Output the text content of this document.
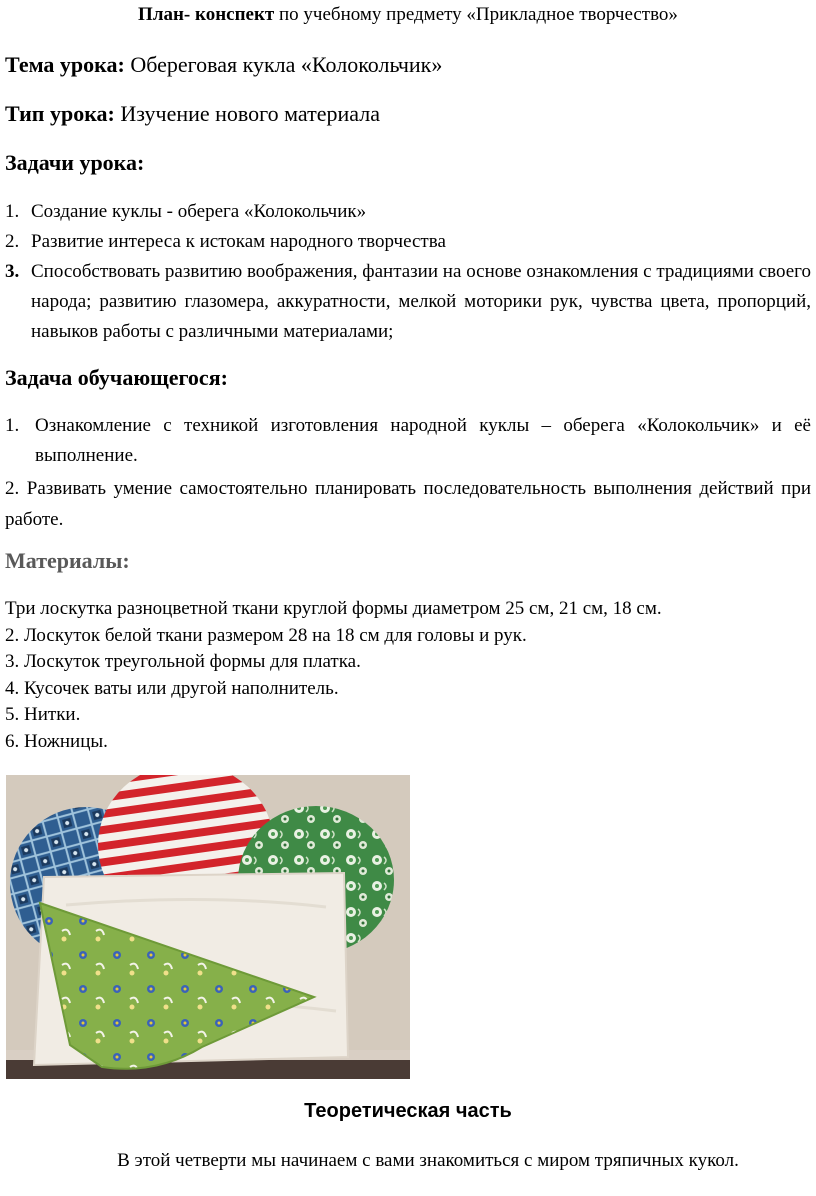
План- конспект по учебному предмету «Прикладное творчество»
Тема урока: Обереговая кукла «Колокольчик»
Тип урока: Изучение нового материала
Задачи урока:
1. Создание куклы - оберега «Колокольчик»
2. Развитие интереса к истокам народного творчества
3. Способствовать развитию воображения, фантазии на основе ознакомления с традициями своего народа; развитию глазомера, аккуратности, мелкой моторики рук, чувства цвета, пропорций, навыков работы с различными материалами;
Задача обучающегося:
1. Ознакомление с техникой изготовления народной куклы – оберега «Колокольчик» и её выполнение.
2. Развивать умение самостоятельно планировать последовательность выполнения действий при работе.
Материалы:
Три лоскутка разноцветной ткани круглой формы диаметром 25 см, 21 см, 18 см.
2. Лоскуток белой ткани размером 28 на 18 см для головы и рук.
3. Лоскуток треугольной формы для платка.
4. Кусочек ваты или другой наполнитель.
5. Нитки.
6. Ножницы.
Теоретическая часть
В этой четверти мы начинаем с вами знакомиться с миром тряпичных кукол.
